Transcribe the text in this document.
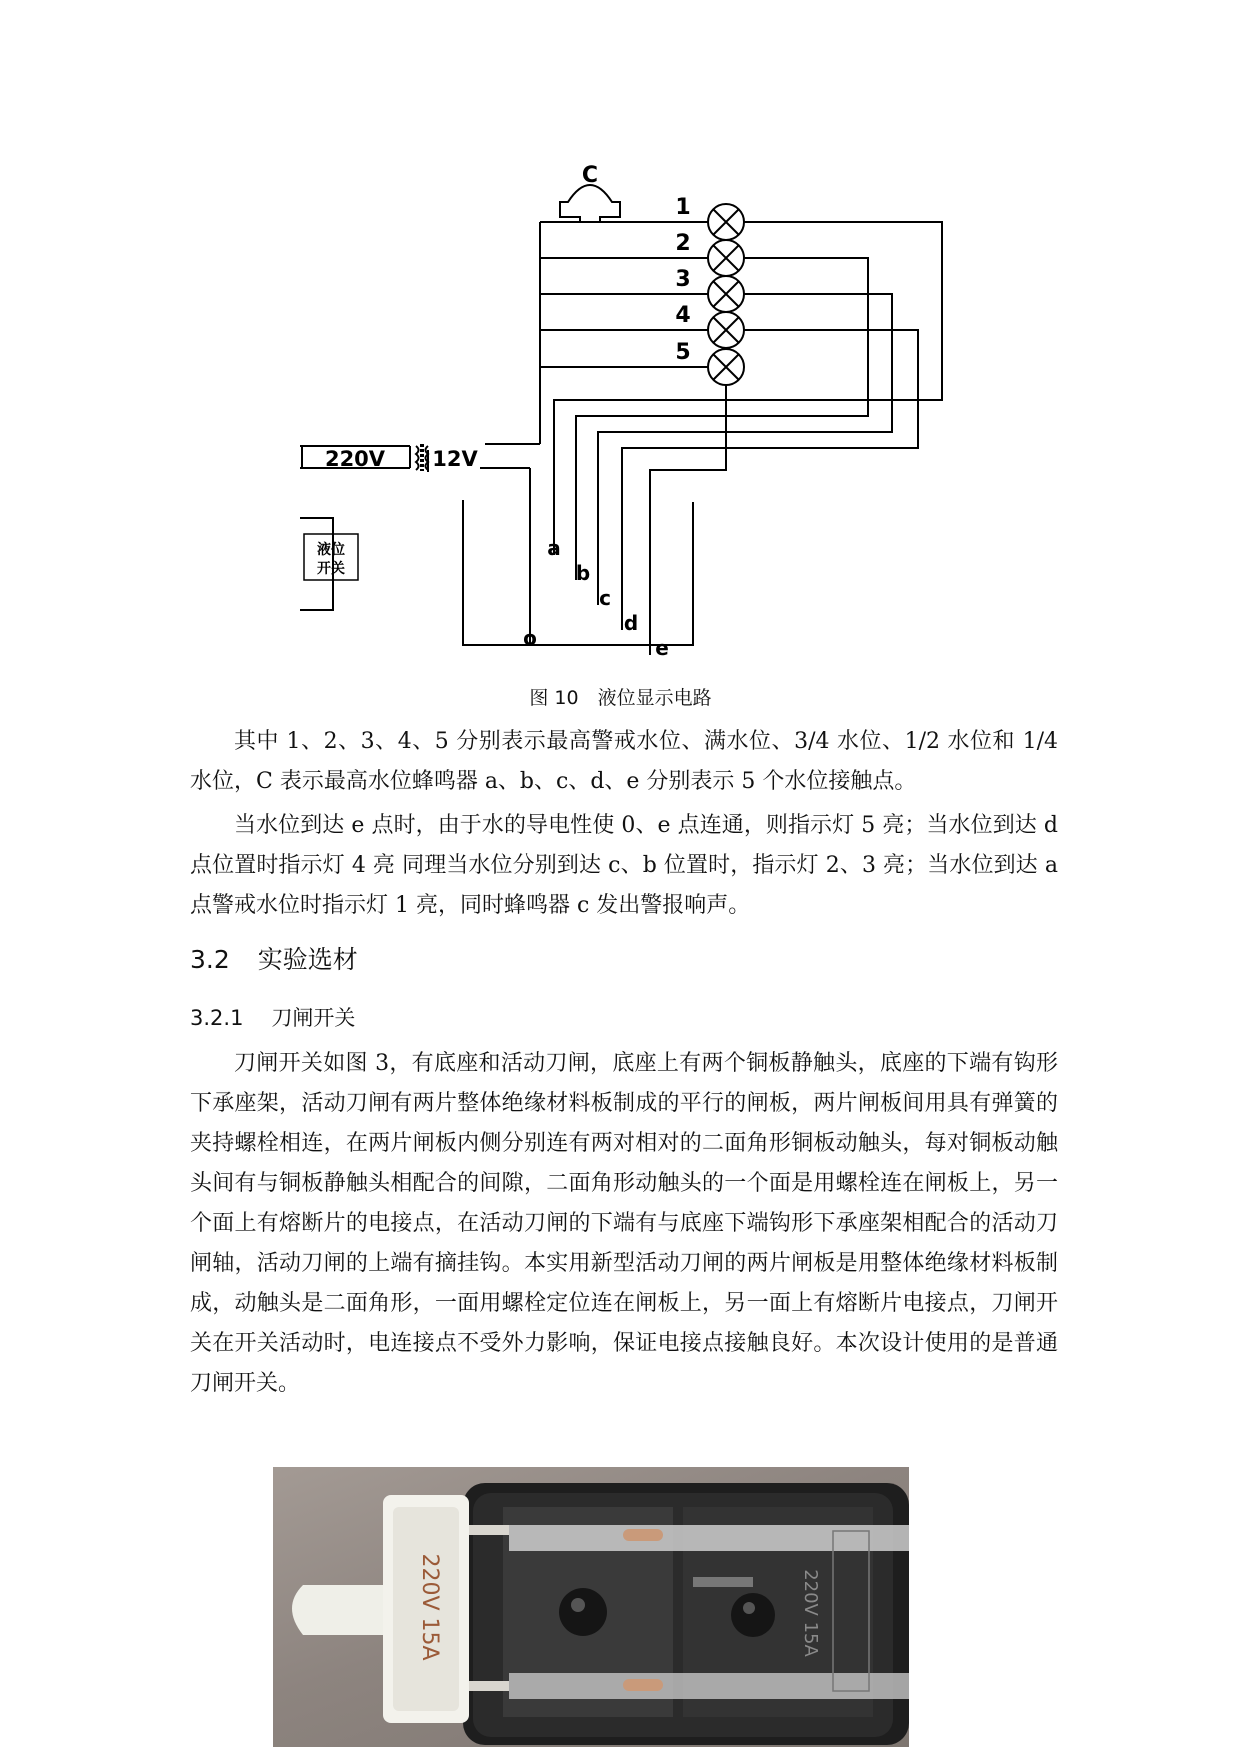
C
1
2
3
4
5
220V 12V
液位
开关
a
b
c
d
e
o
图 10　液位显示电路

其中 1、2、3、4、5 分别表示最高警戒水位、满水位、3/4 水位、1/2 水位和 1/4 水位，C 表示最高水位蜂鸣器 a、b、c、d、e 分别表示 5 个水位接触点。

当水位到达 e 点时，由于水的导电性使 0、e 点连通，则指示灯 5 亮；当水位到达 d 点位置时指示灯 4 亮 同理当水位分别到达 c、b 位置时，指示灯 2、3 亮；当水位到达 a 点警戒水位时指示灯 1 亮，同时蜂鸣器 c 发出警报响声。

3.2 实验选材
3.2.1 刀闸开关

刀闸开关如图 3，有底座和活动刀闸，底座上有两个铜板静触头，底座的下端有钩形下承座架，活动刀闸有两片整体绝缘材料板制成的平行的闸板，两片闸板间用具有弹簧的夹持螺栓相连，在两片闸板内侧分别连有两对相对的二面角形铜板动触头，每对铜板动触头间有与铜板静触头相配合的间隙，二面角形动触头的一个面是用螺栓连在闸板上，另一个面上有熔断片的电接点，在活动刀闸的下端有与底座下端钩形下承座架相配合的活动刀闸轴，活动刀闸的上端有摘挂钩。本实用新型活动刀闸的两片闸板是用整体绝缘材料板制成，动触头是二面角形，一面用螺栓定位连在闸板上，另一面上有熔断片电接点，刀闸开关在开关活动时，电连接点不受外力影响，保证电接点接触良好。本次设计使用的是普通刀闸开关。

220V 15A	220V 15A
